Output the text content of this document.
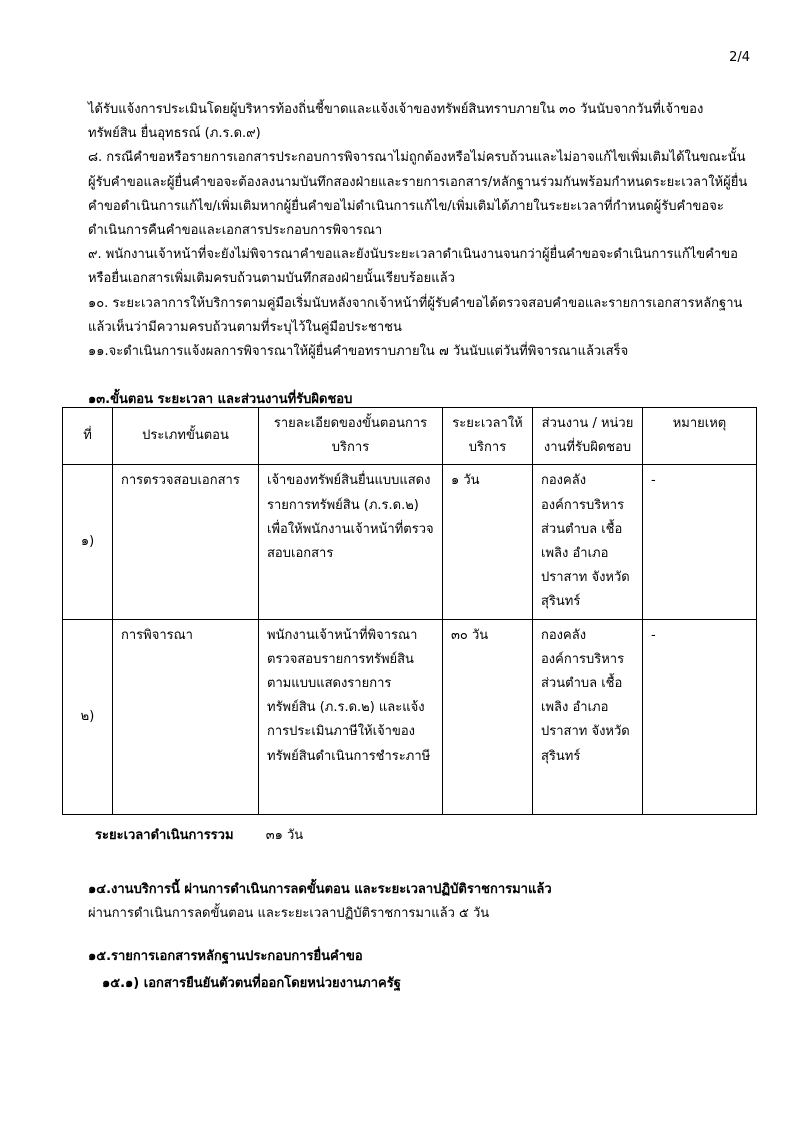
2/4

ได้รับแจ้งการประเมินโดยผู้บริหารท้องถิ่นชี้ขาดและแจ้งเจ้าของทรัพย์สินทราบภายใน ๓๐ วันนับจากวันที่เจ้าของทรัพย์สิน ยื่นอุทธรณ์ (ภ.ร.ด.๙)

๘. กรณีคำขอหรือรายการเอกสารประกอบการพิจารณาไม่ถูกต้องหรือไม่ครบถ้วนและไม่อาจแก้ไขเพิ่มเติมได้ในขณะนั้นผู้รับคำขอและผู้ยื่นคำขอจะต้องลงนามบันทึกสองฝ่ายและรายการเอกสาร/หลักฐานร่วมกันพร้อมกำหนดระยะเวลาให้ผู้ยื่นคำขอดำเนินการแก้ไข/เพิ่มเติมหากผู้ยื่นคำขอไม่ดำเนินการแก้ไข/เพิ่มเติมได้ภายในระยะเวลาที่กำหนดผู้รับคำขอจะดำเนินการคืนคำขอและเอกสารประกอบการพิจารณา

๙. พนักงานเจ้าหน้าที่จะยังไม่พิจารณาคำขอและยังนับระยะเวลาดำเนินงานจนกว่าผู้ยื่นคำขอจะดำเนินการแก้ไขคำขอหรือยื่นเอกสารเพิ่มเติมครบถ้วนตามบันทึกสองฝ่ายนั้นเรียบร้อยแล้ว

๑๐. ระยะเวลาการให้บริการตามคู่มือเริ่มนับหลังจากเจ้าหน้าที่ผู้รับคำขอได้ตรวจสอบคำขอและรายการเอกสารหลักฐานแล้วเห็นว่ามีความครบถ้วนตามที่ระบุไว้ในคู่มือประชาชน

๑๑.จะดำเนินการแจ้งผลการพิจารณาให้ผู้ยื่นคำขอทราบภายใน ๗ วันนับแต่วันที่พิจารณาแล้วเสร็จ

๑๓.ขั้นตอน ระยะเวลา และส่วนงานที่รับผิดชอบ
ที่	ประเภทขั้นตอน	รายละเอียดของขั้นตอนการบริการ	ระยะเวลาให้บริการ	ส่วนงาน / หน่วยงานที่รับผิดชอบ	หมายเหตุ
๑)	การตรวจสอบเอกสาร	เจ้าของทรัพย์สินยื่นแบบแสดงรายการทรัพย์สิน (ภ.ร.ด.๒) เพื่อให้พนักงานเจ้าหน้าที่ตรวจสอบเอกสาร	๑ วัน	กองคลัง องค์การบริหารส่วนตำบล เชื้อเพลิง อำเภอปราสาท จังหวัดสุรินทร์	-
๒)	การพิจารณา	พนักงานเจ้าหน้าที่พิจารณาตรวจสอบรายการทรัพย์สินตามแบบแสดงรายการทรัพย์สิน (ภ.ร.ด.๒) และแจ้งการประเมินภาษีให้เจ้าของทรัพย์สินดำเนินการชำระภาษี	๓๐ วัน	กองคลัง องค์การบริหารส่วนตำบล เชื้อเพลิง อำเภอปราสาท จังหวัดสุรินทร์	-
ระยะเวลาดำเนินการรวม ๓๑ วัน
๑๔.งานบริการนี้ ผ่านการดำเนินการลดขั้นตอน และระยะเวลาปฏิบัติราชการมาแล้ว
ผ่านการดำเนินการลดขั้นตอน และระยะเวลาปฏิบัติราชการมาแล้ว ๕ วัน
๑๕.รายการเอกสารหลักฐานประกอบการยื่นคำขอ
๑๕.๑) เอกสารยืนยันตัวตนที่ออกโดยหน่วยงานภาครัฐ
